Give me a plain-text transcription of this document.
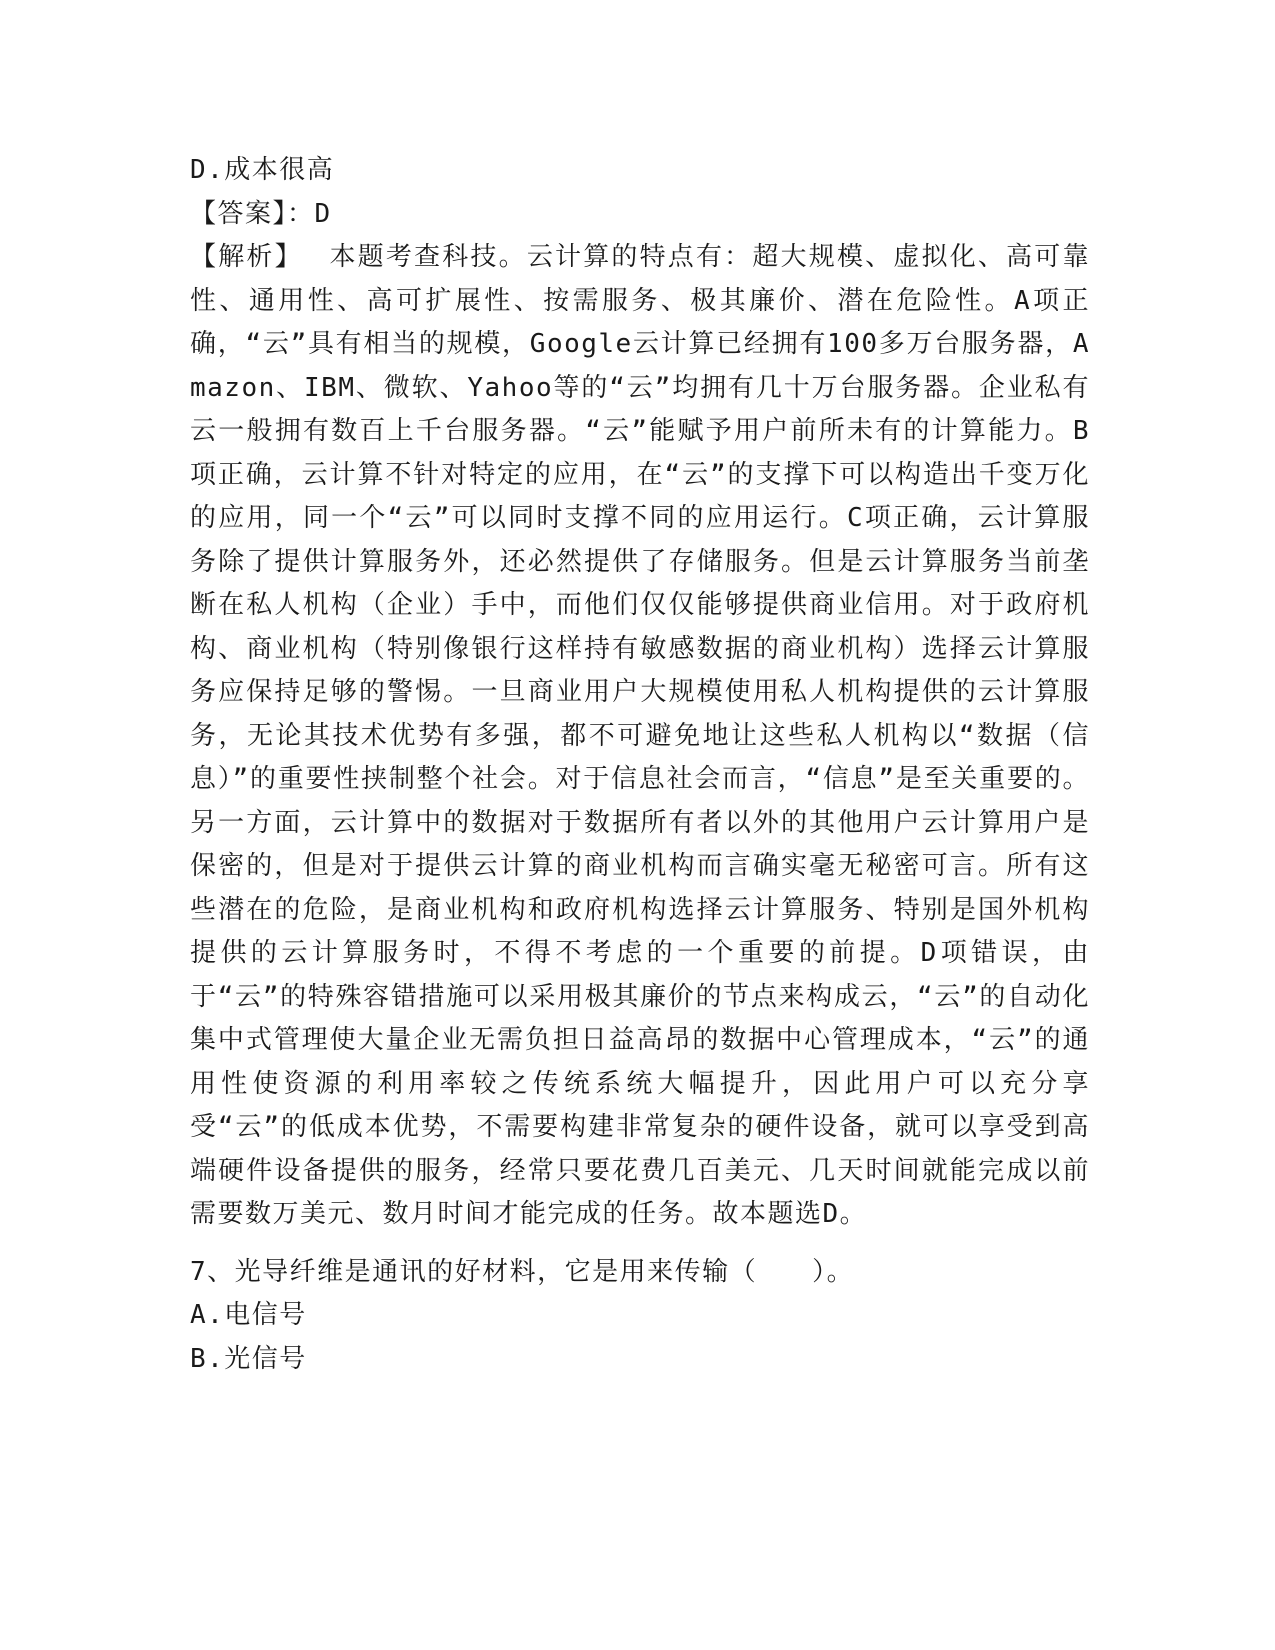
D.成本很高
【答案】：D
【解析】 本题考查科技。云计算的特点有：超大规模、虚拟化、高可靠性、通用性、高可扩展性、按需服务、极其廉价、潜在危险性。A项正确，“云”具有相当的规模，Google云计算已经拥有100多万台服务器，Amazon、IBM、微软、Yahoo等的“云”均拥有几十万台服务器。企业私有云一般拥有数百上千台服务器。“云”能赋予用户前所未有的计算能力。B项正确，云计算不针对特定的应用，在“云”的支撑下可以构造出千变万化的应用，同一个“云”可以同时支撑不同的应用运行。C项正确，云计算服务除了提供计算服务外，还必然提供了存储服务。但是云计算服务当前垄断在私人机构（企业）手中，而他们仅仅能够提供商业信用。对于政府机构、商业机构（特别像银行这样持有敏感数据的商业机构）选择云计算服务应保持足够的警惕。一旦商业用户大规模使用私人机构提供的云计算服务，无论其技术优势有多强，都不可避免地让这些私人机构以“数据（信息）”的重要性挟制整个社会。对于信息社会而言，“信息”是至关重要的。另一方面，云计算中的数据对于数据所有者以外的其他用户云计算用户是保密的，但是对于提供云计算的商业机构而言确实毫无秘密可言。所有这些潜在的危险，是商业机构和政府机构选择云计算服务、特别是国外机构提供的云计算服务时，不得不考虑的一个重要的前提。D项错误，由于“云”的特殊容错措施可以采用极其廉价的节点来构成云，“云”的自动化集中式管理使大量企业无需负担日益高昂的数据中心管理成本，“云”的通用性使资源的利用率较之传统系统大幅提升，因此用户可以充分享受“云”的低成本优势，不需要构建非常复杂的硬件设备，就可以享受到高端硬件设备提供的服务，经常只要花费几百美元、几天时间就能完成以前需要数万美元、数月时间才能完成的任务。故本题选D。
7、光导纤维是通讯的好材料，它是用来传输（　　）。
A.电信号
B.光信号
